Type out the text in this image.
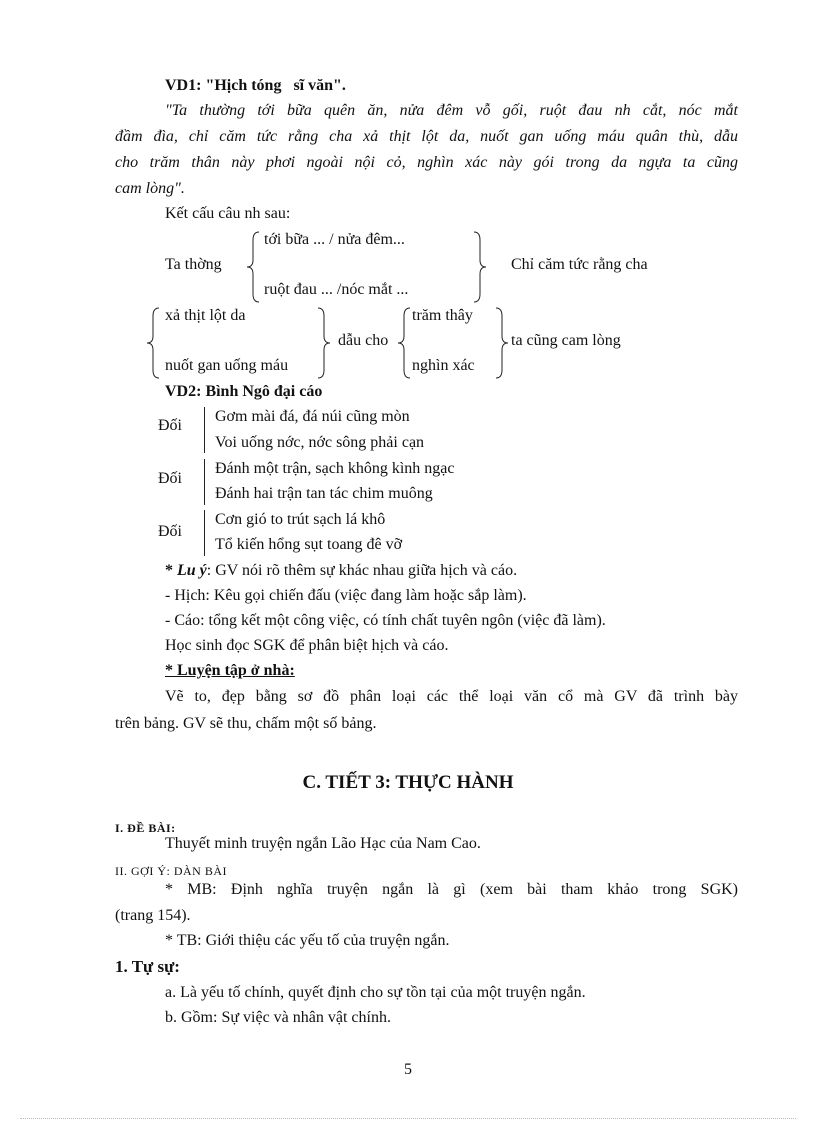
VD1: "Hịch tóng sĩ văn".
"Ta thường tới bữa quên ăn, nửa đêm vỗ gối, ruột đau nh cắt, nóc mắt
đầm đìa, chỉ căm tức rằng cha xả thịt lột da, nuốt gan uống máu quân thù, dẫu
cho trăm thân này phơi ngoài nội cỏ, nghìn xác này gói trong da ngựa ta cũng
cam lòng".
Kết cấu câu nh sau:
Ta thờng
tới bữa ... / nửa đêm...
ruột đau ... /nóc mắt ...
Chỉ căm tức rằng cha
xả thịt lột da
nuốt gan uống máu
dẫu cho
trăm thây
nghìn xác
ta cũng cam lòng
VD2: Bình Ngô đại cáo
Đối
Gơm mài đá, đá núi cũng mòn
Voi uống nớc, nớc sông phải cạn
Đối
Đánh một trận, sạch không kình ngạc
Đánh hai trận tan tác chim muông
Đối
Cơn gió to trút sạch lá khô
Tổ kiến hổng sụt toang đê vỡ
* Lu ý: GV nói rõ thêm sự khác nhau giữa hịch và cáo.
- Hịch: Kêu gọi chiến đấu (việc đang làm hoặc sắp làm).
- Cáo: tổng kết một công việc, có tính chất tuyên ngôn (việc đã làm).
Học sinh đọc SGK để phân biệt hịch và cáo.
* Luyện tập ở nhà:
Vẽ to, đẹp bằng sơ đồ phân loại các thể loại văn cổ mà GV đã trình bày
trên bảng. GV sẽ thu, chấm một số bảng.
C. TIẾT 3: THỰC HÀNH
I. ĐỀ BÀI:
Thuyết minh truyện ngắn Lão Hạc của Nam Cao.
II. GỢI Ý: DÀN BÀI
* MB: Định nghĩa truyện ngắn là gì (xem bài tham khảo trong SGK)
(trang 154).
* TB: Giới thiệu các yếu tố của truyện ngắn.
1. Tự sự:
a. Là yếu tố chính, quyết định cho sự tồn tại của một truyện ngắn.
b. Gồm: Sự việc và nhân vật chính.
5
